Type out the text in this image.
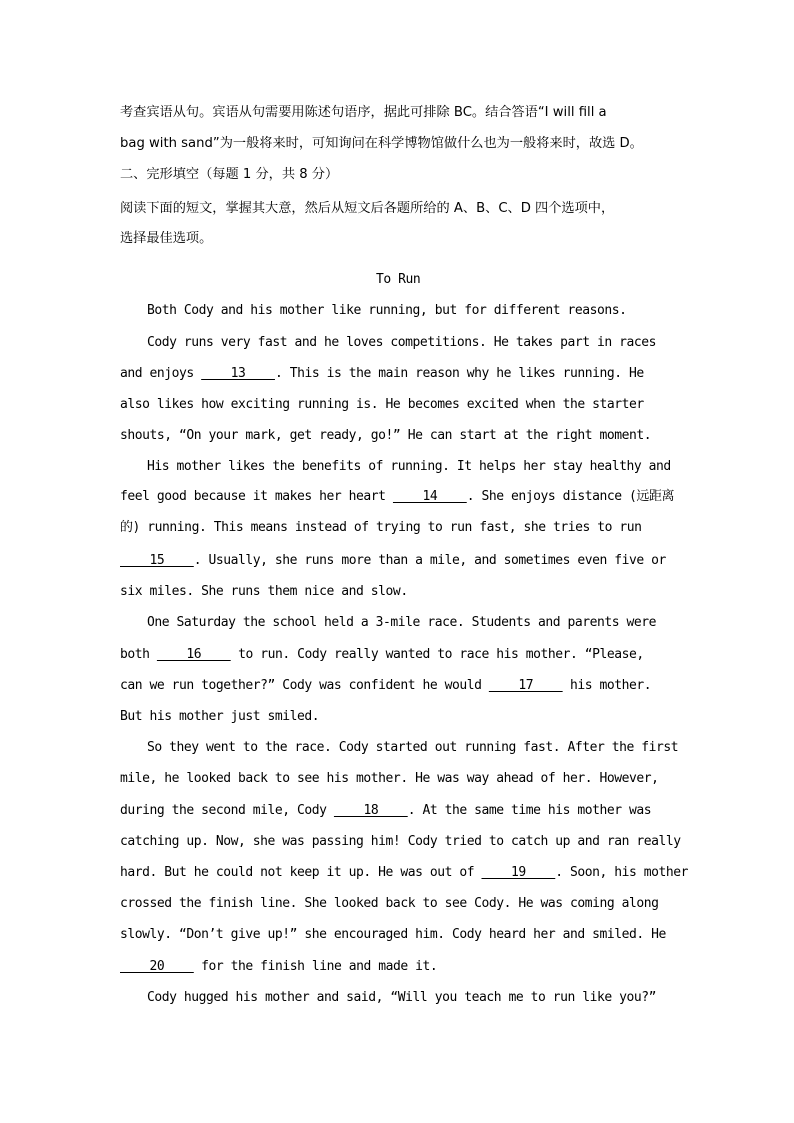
考查宾语从句。宾语从句需要用陈述句语序，据此可排除 BC。结合答语“I will fill a
bag with sand”为一般将来时，可知询问在科学博物馆做什么也为一般将来时，故选 D。
二、完形填空（每题 1 分，共 8 分）
阅读下面的短文，掌握其大意，然后从短文后各题所给的 A、B、C、D 四个选项中，
选择最佳选项。
To Run
Both Cody and his mother like running, but for different reasons.
Cody runs very fast and he loves competitions. He takes part in races
and enjoys     13    . This is the main reason why he likes running. He
also likes how exciting running is. He becomes excited when the starter
shouts, “On your mark, get ready, go!” He can start at the right moment.
His mother likes the benefits of running. It helps her stay healthy and
feel good because it makes her heart     14    . She enjoys distance (远距离
的) running. This means instead of trying to run fast, she tries to run
15    . Usually, she runs more than a mile, and sometimes even five or
six miles. She runs them nice and slow.
One Saturday the school held a 3-mile race. Students and parents were
both     16     to run. Cody really wanted to race his mother. “Please,
can we run together?” Cody was confident he would     17     his mother.
But his mother just smiled.
So they went to the race. Cody started out running fast. After the first
mile, he looked back to see his mother. He was way ahead of her. However,
during the second mile, Cody     18    . At the same time his mother was
catching up. Now, she was passing him! Cody tried to catch up and ran really
hard. But he could not keep it up. He was out of     19    . Soon, his mother
crossed the finish line. She looked back to see Cody. He was coming along
slowly. “Don’t give up!” she encouraged him. Cody heard her and smiled. He
20     for the finish line and made it.
Cody hugged his mother and said, “Will you teach me to run like you?”
